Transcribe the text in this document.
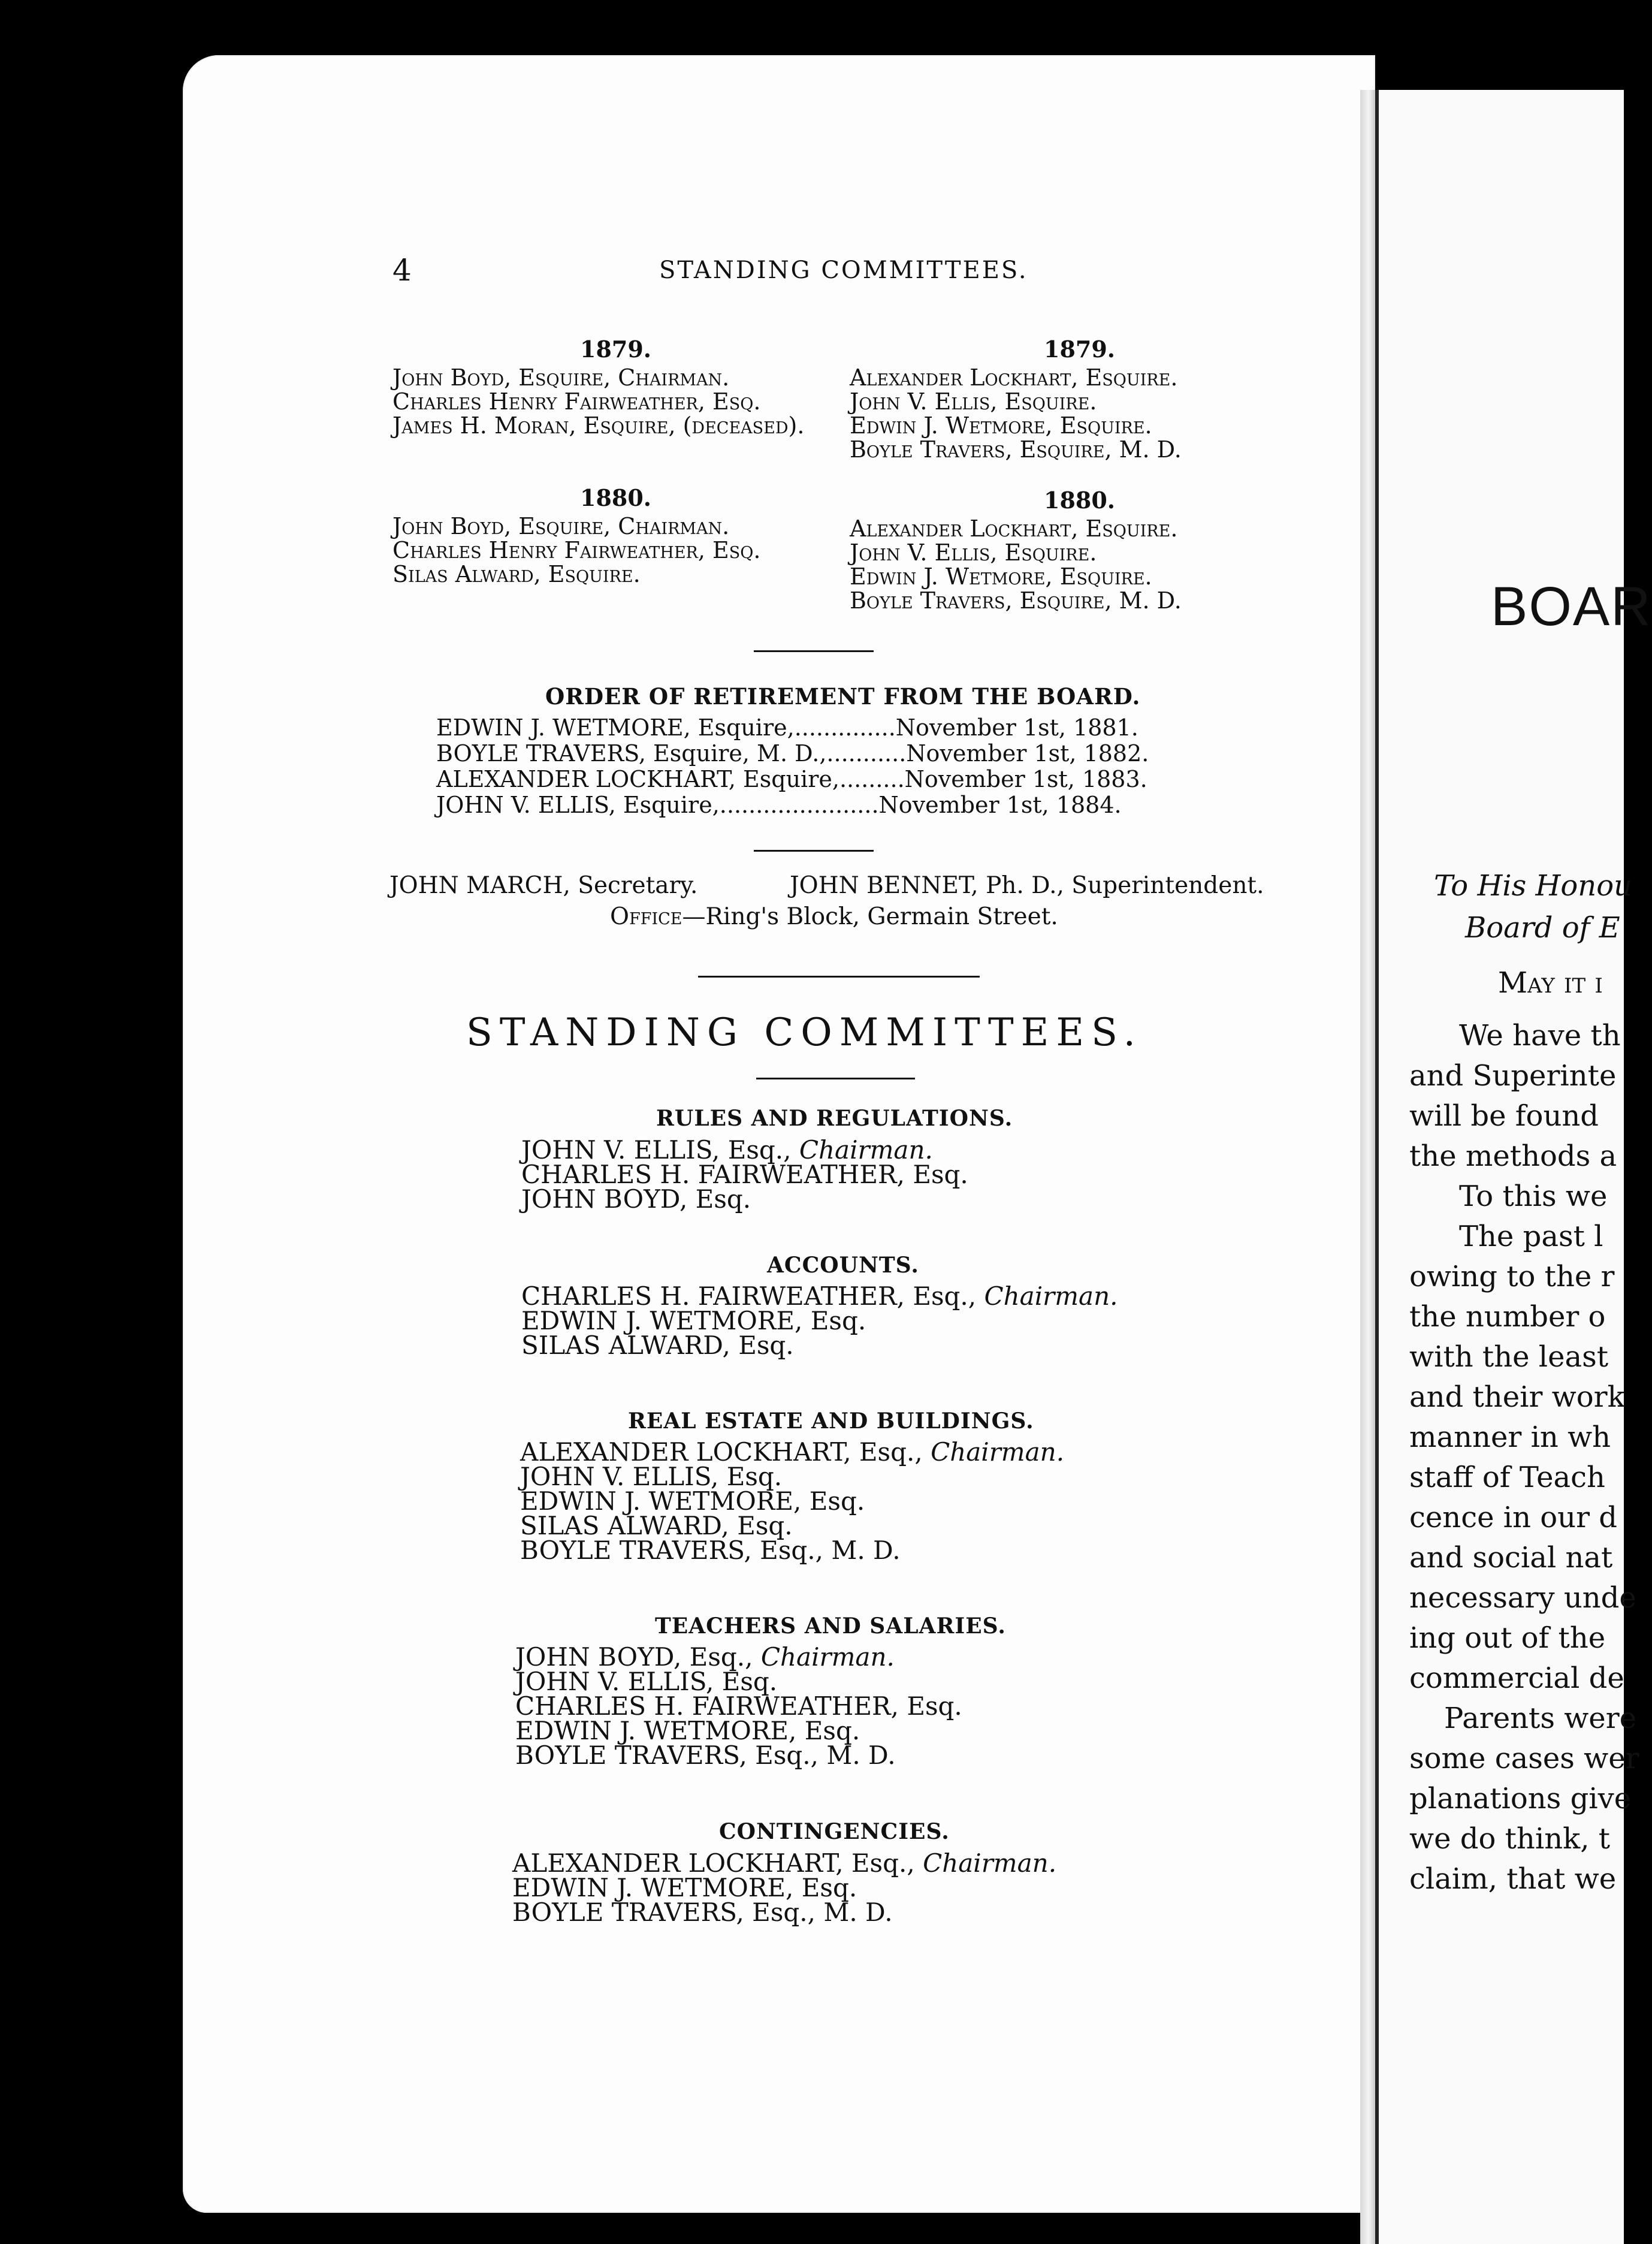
4	STANDING COMMITTEES.
1879.
John Boyd, Esquire, Chairman.
Charles Henry Fairweather, Esq.
James H. Moran, Esquire, (deceased).
1879.
Alexander Lockhart, Esquire.
John V. Ellis, Esquire.
Edwin J. Wetmore, Esquire.
Boyle Travers, Esquire, M. D.
1880.
John Boyd, Esquire, Chairman.
Charles Henry Fairweather, Esq.
Silas Alward, Esquire.
1880.
Alexander Lockhart, Esquire.
John V. Ellis, Esquire.
Edwin J. Wetmore, Esquire.
Boyle Travers, Esquire, M. D.
ORDER OF RETIREMENT FROM THE BOARD.
EDWIN J. WETMORE, Esquire,..............November 1st, 1881.
BOYLE TRAVERS, Esquire, M. D.,...........November 1st, 1882.
ALEXANDER LOCKHART, Esquire,.........November 1st, 1883.
JOHN V. ELLIS, Esquire,......................November 1st, 1884.
JOHN MARCH, Secretary.	JOHN BENNET, Ph. D., Superintendent.
Office—Ring's Block, Germain Street.
STANDING COMMITTEES.
RULES AND REGULATIONS.
JOHN V. ELLIS, Esq., Chairman.
CHARLES H. FAIRWEATHER, Esq.
JOHN BOYD, Esq.
ACCOUNTS.
CHARLES H. FAIRWEATHER, Esq., Chairman.
EDWIN J. WETMORE, Esq.
SILAS ALWARD, Esq.
REAL ESTATE AND BUILDINGS.
ALEXANDER LOCKHART, Esq., Chairman.
JOHN V. ELLIS, Esq.
EDWIN J. WETMORE, Esq.
SILAS ALWARD, Esq.
BOYLE TRAVERS, Esq., M. D.
TEACHERS AND SALARIES.
JOHN BOYD, Esq., Chairman.
JOHN V. ELLIS, Esq.
CHARLES H. FAIRWEATHER, Esq.
EDWIN J. WETMORE, Esq.
BOYLE TRAVERS, Esq., M. D.
CONTINGENCIES.
ALEXANDER LOCKHART, Esq., Chairman.
EDWIN J. WETMORE, Esq.
BOYLE TRAVERS, Esq., M. D.
BOAR
To His Honou
Board of E
May it i
We have th
and Superinte
will be found
the methods a
To this we
The past l
owing to the r
the number o
with the least
and their work
manner in wh
staff of Teach
cence in our d
and social nat
necessary unde
ing out of the
commercial de
Parents were
some cases wer
planations give
we do think, t
claim, that we
